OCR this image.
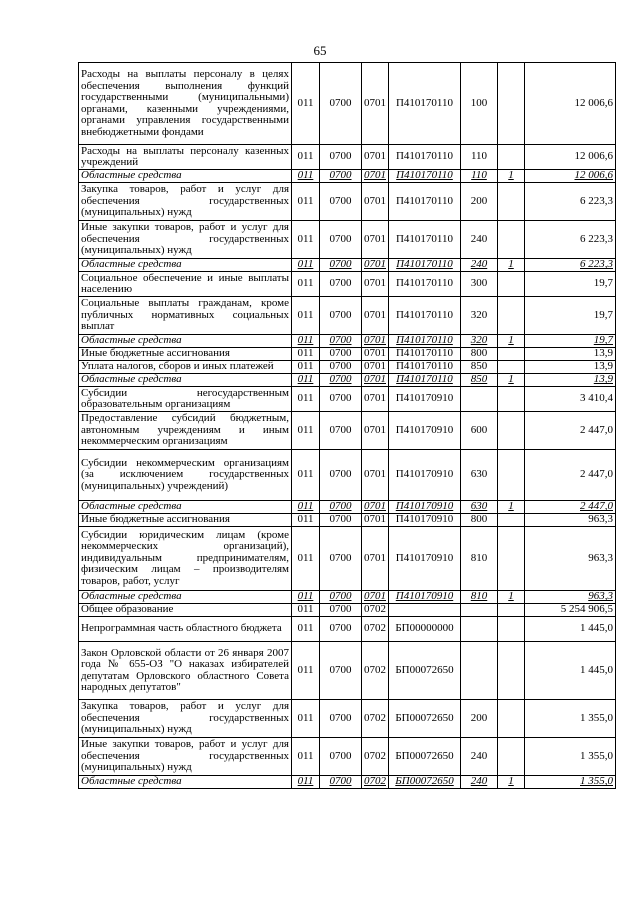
65
Расходы на выплаты персоналу в целях обеспечения выполнения функций государственными (муниципальными) органами, казенными учреждениями, органами управления государственными внебюджетными фондами	011	0700	0701	П410170110	100		12 006,6
Расходы на выплаты персоналу казенных учреждений	011	0700	0701	П410170110	110		12 006,6
Областные средства	011	0700	0701	П410170110	110	1	12 006,6
Закупка товаров, работ и услуг для обеспечения государственных (муниципальных) нужд	011	0700	0701	П410170110	200		6 223,3
Иные закупки товаров, работ и услуг для обеспечения государственных (муниципальных) нужд	011	0700	0701	П410170110	240		6 223,3
Областные средства	011	0700	0701	П410170110	240	1	6 223,3
Социальное обеспечение и иные выплаты населению	011	0700	0701	П410170110	300		19,7
Социальные выплаты гражданам, кроме публичных нормативных социальных выплат	011	0700	0701	П410170110	320		19,7
Областные средства	011	0700	0701	П410170110	320	1	19,7
Иные бюджетные ассигнования	011	0700	0701	П410170110	800		13,9
Уплата налогов, сборов и иных платежей	011	0700	0701	П410170110	850		13,9
Областные средства	011	0700	0701	П410170110	850	1	13,9
Субсидии негосударственным образовательным организациям	011	0700	0701	П410170910			3 410,4
Предоставление субсидий бюджетным, автономным учреждениям и иным некоммерческим организациям	011	0700	0701	П410170910	600		2 447,0
Субсидии некоммерческим организациям (за исключением государственных (муниципальных) учреждений)	011	0700	0701	П410170910	630		2 447,0
Областные средства	011	0700	0701	П410170910	630	1	2 447,0
Иные бюджетные ассигнования	011	0700	0701	П410170910	800		963,3
Субсидии юридическим лицам (кроме некоммерческих организаций), индивидуальным предпринимателям, физическим лицам – производителям товаров, работ, услуг	011	0700	0701	П410170910	810		963,3
Областные средства	011	0700	0701	П410170910	810	1	963,3
Общее образование	011	0700	0702				5 254 906,5
Непрограммная часть областного бюджета	011	0700	0702	БП00000000			1 445,0
Закон Орловской области от 26 января 2007 года № 655-ОЗ "О наказах избирателей депутатам Орловского областного Совета народных депутатов"	011	0700	0702	БП00072650			1 445,0
Закупка товаров, работ и услуг для обеспечения государственных (муниципальных) нужд	011	0700	0702	БП00072650	200		1 355,0
Иные закупки товаров, работ и услуг для обеспечения государственных (муниципальных) нужд	011	0700	0702	БП00072650	240		1 355,0
Областные средства	011	0700	0702	БП00072650	240	1	1 355,0
